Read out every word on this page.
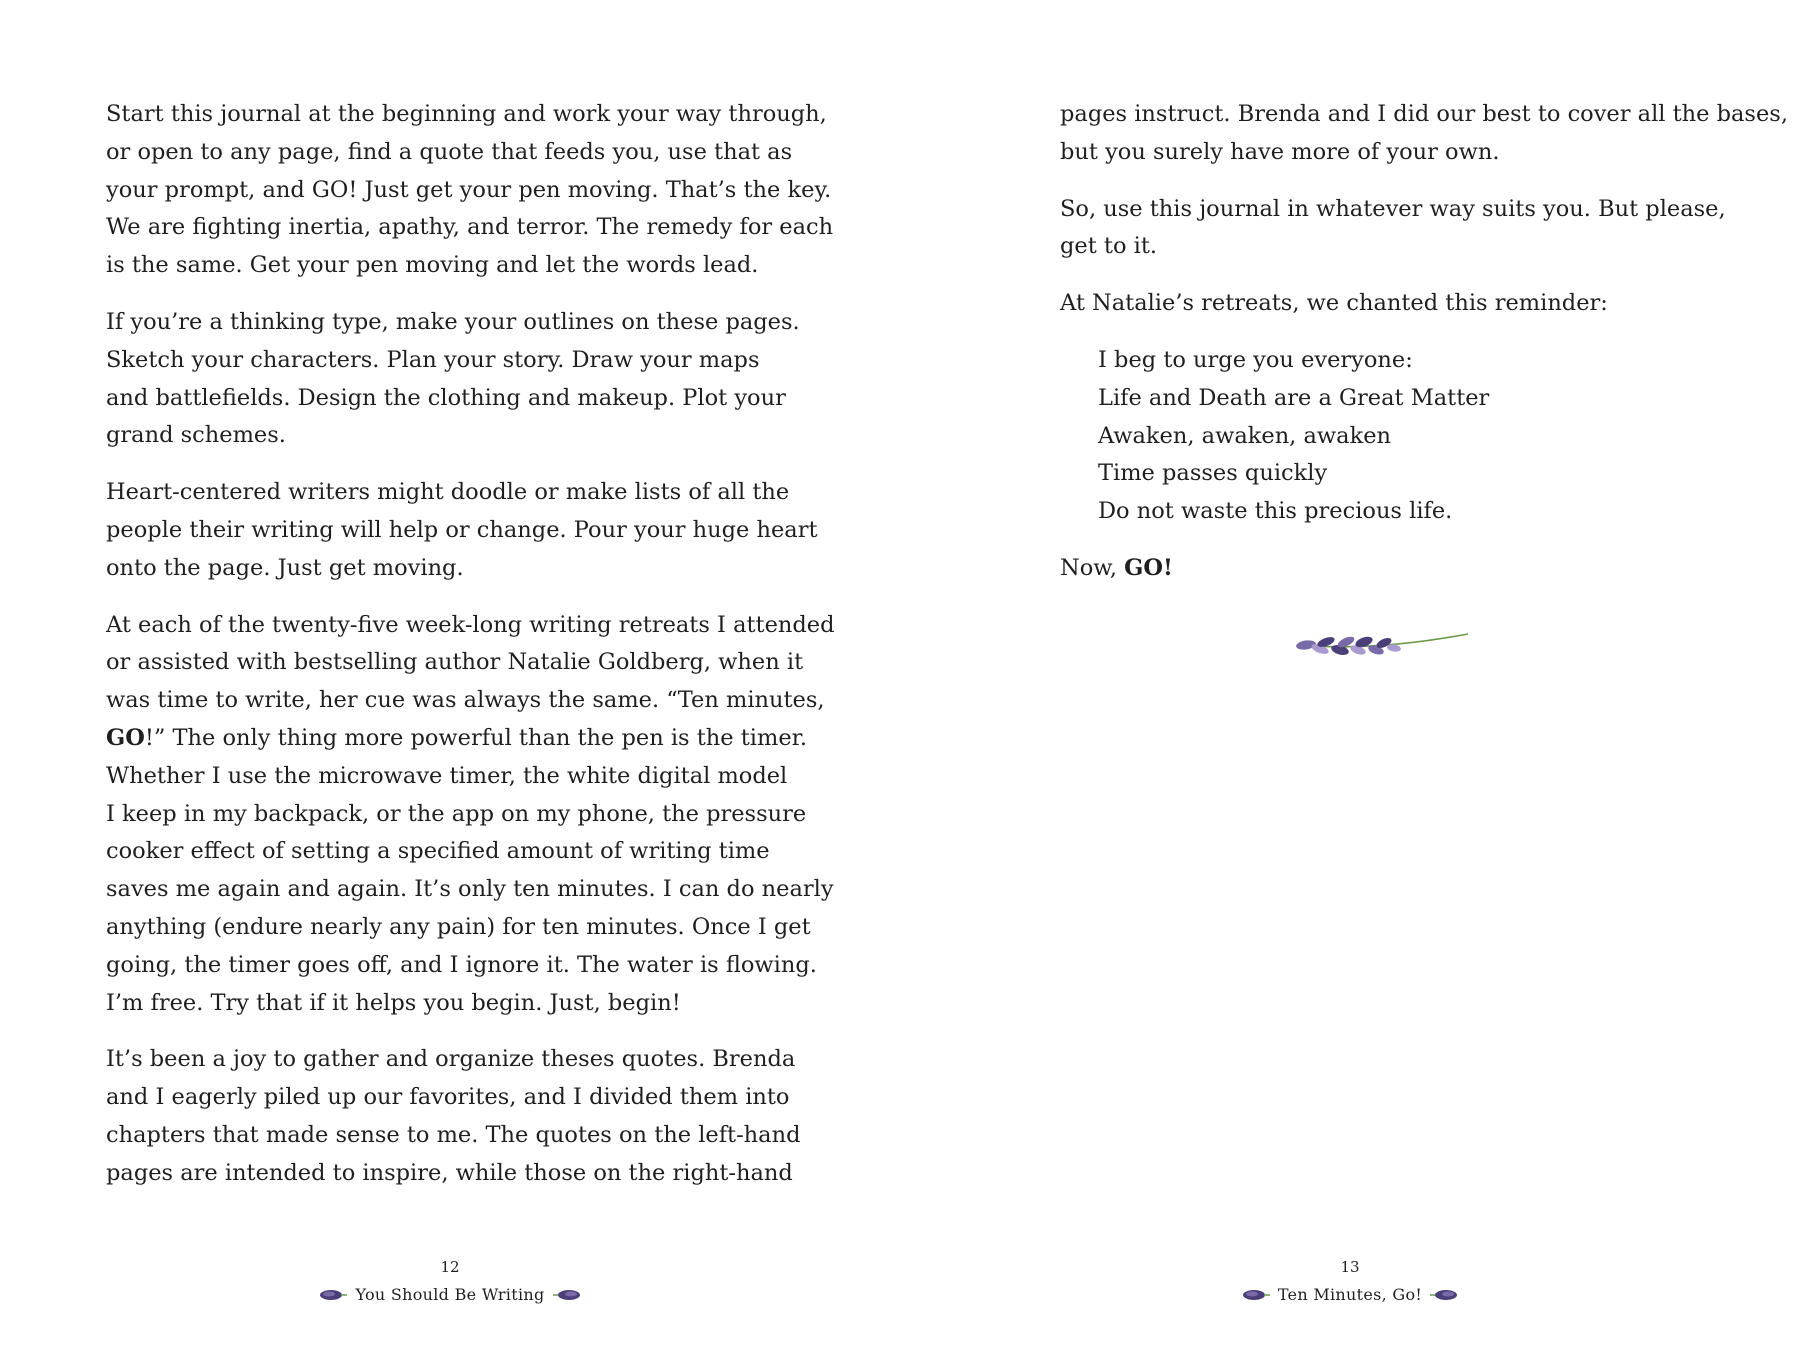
Start this journal at the beginning and work your way through,
or open to any page, find a quote that feeds you, use that as
your prompt, and GO! Just get your pen moving. That’s the key.
We are fighting inertia, apathy, and terror. The remedy for each
is the same. Get your pen moving and let the words lead.

If you’re a thinking type, make your outlines on these pages.
Sketch your characters. Plan your story. Draw your maps
and battlefields. Design the clothing and makeup. Plot your
grand schemes.

Heart-centered writers might doodle or make lists of all the
people their writing will help or change. Pour your huge heart
onto the page. Just get moving.

At each of the twenty-five week-long writing retreats I attended
or assisted with bestselling author Natalie Goldberg, when it
was time to write, her cue was always the same. “Ten minutes,
GO!” The only thing more powerful than the pen is the timer.
Whether I use the microwave timer, the white digital model
I keep in my backpack, or the app on my phone, the pressure
cooker effect of setting a specified amount of writing time
saves me again and again. It’s only ten minutes. I can do nearly
anything (endure nearly any pain) for ten minutes. Once I get
going, the timer goes off, and I ignore it. The water is flowing.
I’m free. Try that if it helps you begin. Just, begin!

It’s been a joy to gather and organize theses quotes. Brenda
and I eagerly piled up our favorites, and I divided them into
chapters that made sense to me. The quotes on the left-hand
pages are intended to inspire, while those on the right-hand

12
You Should Be Writing

pages instruct. Brenda and I did our best to cover all the bases,
but you surely have more of your own.

So, use this journal in whatever way suits you. But please,
get to it.

At Natalie’s retreats, we chanted this reminder:

I beg to urge you everyone:
Life and Death are a Great Matter
Awaken, awaken, awaken
Time passes quickly
Do not waste this precious life.

Now, GO!

13
Ten Minutes, Go!
